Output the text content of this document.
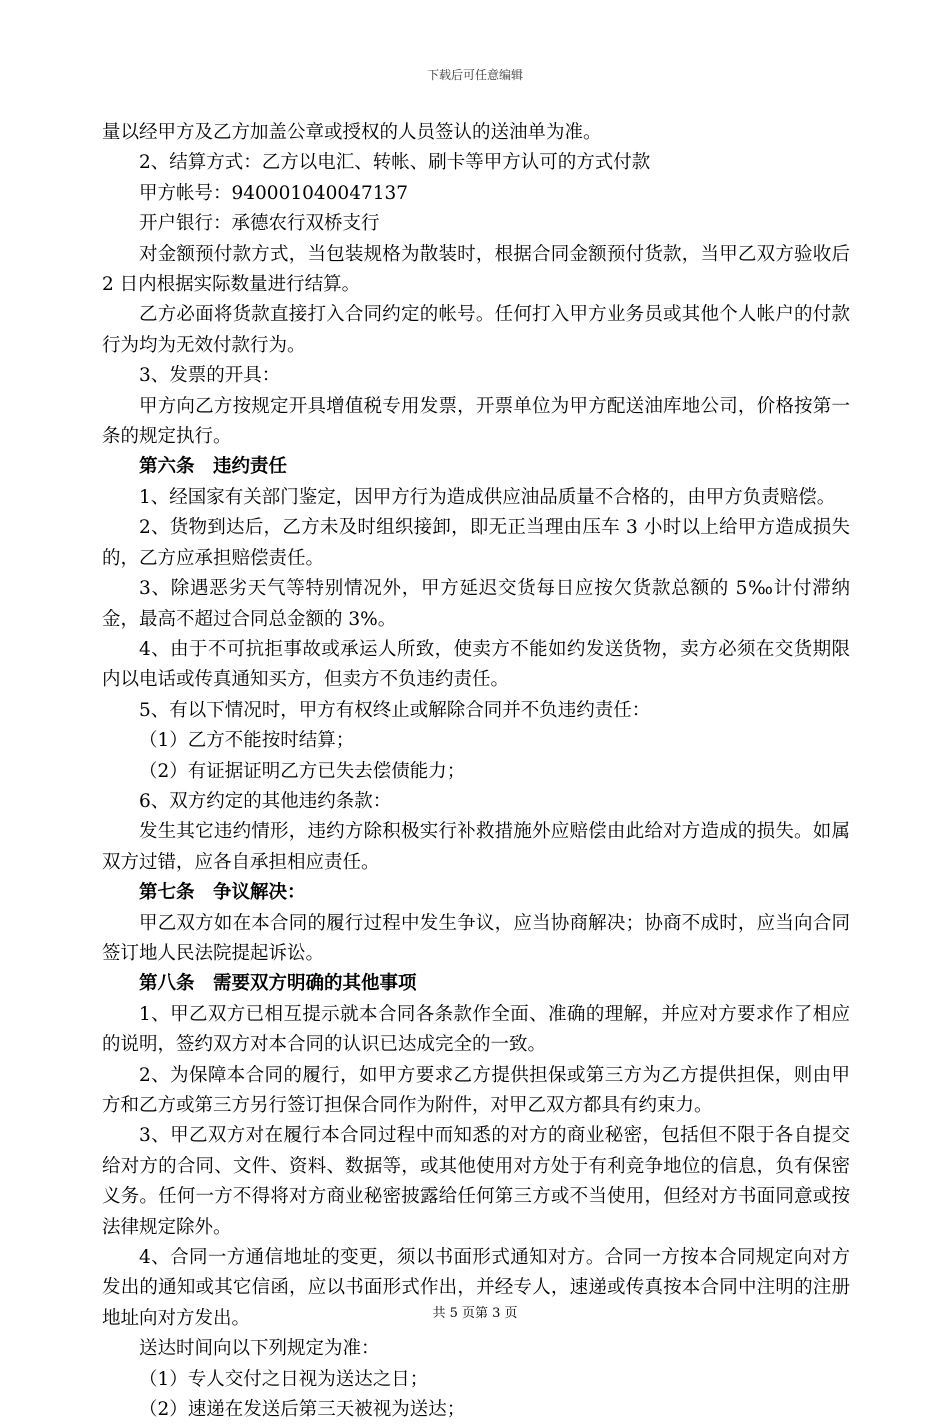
下载后可任意编辑

量以经甲方及乙方加盖公章或授权的人员签认的送油单为准。

2、结算方式：乙方以电汇、转帐、刷卡等甲方认可的方式付款

甲方帐号：940001040047137

开户银行：承德农行双桥支行

对金额预付款方式，当包装规格为散装时，根据合同金额预付货款，当甲乙双方验收后 2 日内根据实际数量进行结算。

乙方必面将货款直接打入合同约定的帐号。任何打入甲方业务员或其他个人帐户的付款行为均为无效付款行为。

3、发票的开具：

甲方向乙方按规定开具增值税专用发票，开票单位为甲方配送油库地公司，价格按第一条的规定执行。

第六条　违约责任

1、经国家有关部门鉴定，因甲方行为造成供应油品质量不合格的，由甲方负责赔偿。

2、货物到达后，乙方未及时组织接卸，即无正当理由压车 3 小时以上给甲方造成损失的，乙方应承担赔偿责任。

3、除遇恶劣天气等特别情况外，甲方延迟交货每日应按欠货款总额的 5‰计付滞纳金，最高不超过合同总金额的 3%。

4、由于不可抗拒事故或承运人所致，使卖方不能如约发送货物，卖方必须在交货期限内以电话或传真通知买方，但卖方不负违约责任。

5、有以下情况时，甲方有权终止或解除合同并不负违约责任：

（1）乙方不能按时结算；

（2）有证据证明乙方已失去偿债能力；

6、双方约定的其他违约条款：

发生其它违约情形，违约方除积极实行补救措施外应赔偿由此给对方造成的损失。如属双方过错，应各自承担相应责任。

第七条　争议解决：

甲乙双方如在本合同的履行过程中发生争议，应当协商解决；协商不成时，应当向合同签订地人民法院提起诉讼。

第八条　需要双方明确的其他事项

1、甲乙双方已相互提示就本合同各条款作全面、准确的理解，并应对方要求作了相应的说明，签约双方对本合同的认识已达成完全的一致。

2、为保障本合同的履行，如甲方要求乙方提供担保或第三方为乙方提供担保，则由甲方和乙方或第三方另行签订担保合同作为附件，对甲乙双方都具有约束力。

3、甲乙双方对在履行本合同过程中而知悉的对方的商业秘密，包括但不限于各自提交给对方的合同、文件、资料、数据等，或其他使用对方处于有利竞争地位的信息，负有保密义务。任何一方不得将对方商业秘密披露给任何第三方或不当使用，但经对方书面同意或按法律规定除外。

4、合同一方通信地址的变更，须以书面形式通知对方。合同一方按本合同规定向对方发出的通知或其它信函，应以书面形式作出，并经专人，速递或传真按本合同中注明的注册地址向对方发出。

送达时间向以下列规定为准：

（1）专人交付之日视为送达之日；

（2）速递在发送后第三天被视为送达；

共 5 页第 3 页
